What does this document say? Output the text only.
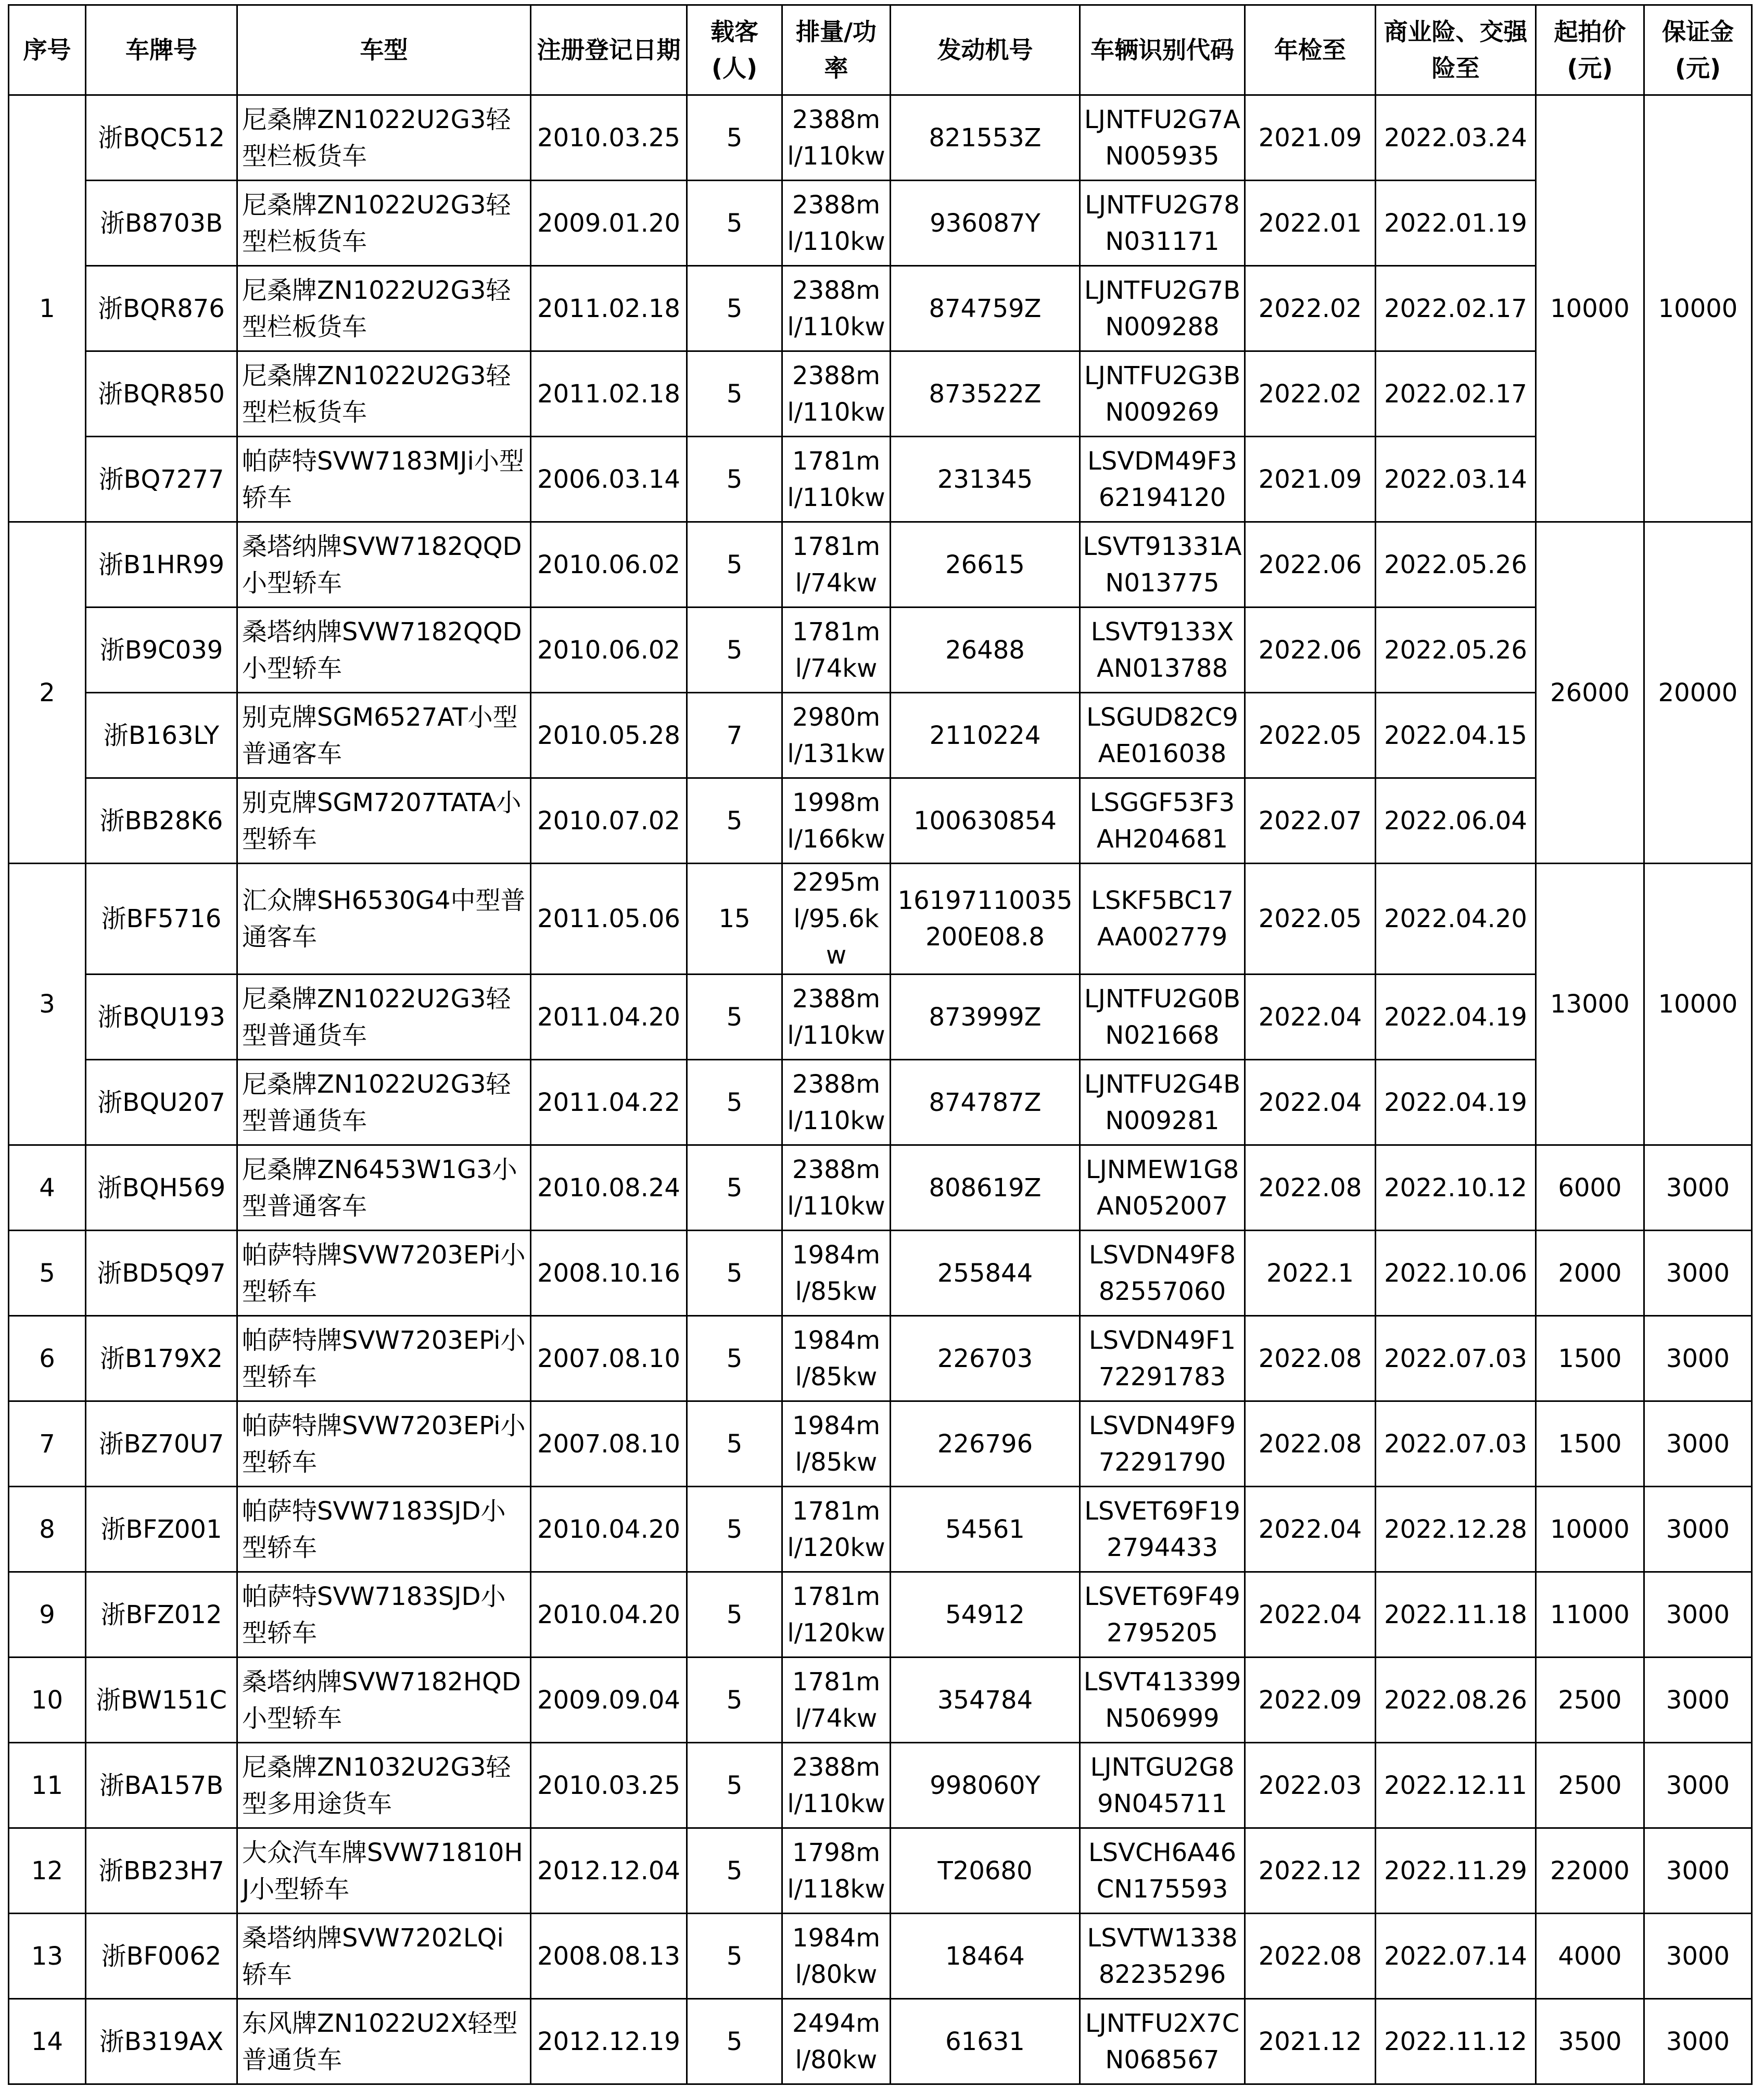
序号	车牌号	车型	注册登记日期	载客(人)	排量/功率	发动机号	车辆识别代码	年检至	商业险、交强险至	起拍价(元)	保证金(元)
1	浙BQC512	尼桑牌ZN1022U2G3轻型栏板货车	2010.03.25	5	2388ml/110kw	821553Z	LJNTFU2G7AN005935	2021.09	2022.03.24	10000	10000
	浙B8703B	尼桑牌ZN1022U2G3轻型栏板货车	2009.01.20	5	2388ml/110kw	936087Y	LJNTFU2G78N031171	2022.01	2022.01.19		
	浙BQR876	尼桑牌ZN1022U2G3轻型栏板货车	2011.02.18	5	2388ml/110kw	874759Z	LJNTFU2G7BN009288	2022.02	2022.02.17		
	浙BQR850	尼桑牌ZN1022U2G3轻型栏板货车	2011.02.18	5	2388ml/110kw	873522Z	LJNTFU2G3BN009269	2022.02	2022.02.17		
	浙BQ7277	帕萨特SVW7183MJi小型轿车	2006.03.14	5	1781ml/110kw	231345	LSVDM49F362194120	2021.09	2022.03.14		
2	浙B1HR99	桑塔纳牌SVW7182QQD小型轿车	2010.06.02	5	1781ml/74kw	26615	LSVT91331AN013775	2022.06	2022.05.26	26000	20000
	浙B9C039	桑塔纳牌SVW7182QQD小型轿车	2010.06.02	5	1781ml/74kw	26488	LSVT9133XAN013788	2022.06	2022.05.26		
	浙B163LY	别克牌SGM6527AT小型普通客车	2010.05.28	7	2980ml/131kw	2110224	LSGUD82C9AE016038	2022.05	2022.04.15		
	浙BB28K6	别克牌SGM7207TATA小型轿车	2010.07.02	5	1998ml/166kw	100630854	LSGGF53F3AH204681	2022.07	2022.06.04		
3	浙BF5716	汇众牌SH6530G4中型普通客车	2011.05.06	15	2295ml/95.6kw	16197110035200E08.8	LSKF5BC17AA002779	2022.05	2022.04.20	13000	10000
	浙BQU193	尼桑牌ZN1022U2G3轻型普通货车	2011.04.20	5	2388ml/110kw	873999Z	LJNTFU2G0BN021668	2022.04	2022.04.19		
	浙BQU207	尼桑牌ZN1022U2G3轻型普通货车	2011.04.22	5	2388ml/110kw	874787Z	LJNTFU2G4BN009281	2022.04	2022.04.19		
4	浙BQH569	尼桑牌ZN6453W1G3小型普通客车	2010.08.24	5	2388ml/110kw	808619Z	LJNMEW1G8AN052007	2022.08	2022.10.12	6000	3000
5	浙BD5Q97	帕萨特牌SVW7203EPi小型轿车	2008.10.16	5	1984ml/85kw	255844	LSVDN49F882557060	2022.1	2022.10.06	2000	3000
6	浙B179X2	帕萨特牌SVW7203EPi小型轿车	2007.08.10	5	1984ml/85kw	226703	LSVDN49F172291783	2022.08	2022.07.03	1500	3000
7	浙BZ70U7	帕萨特牌SVW7203EPi小型轿车	2007.08.10	5	1984ml/85kw	226796	LSVDN49F972291790	2022.08	2022.07.03	1500	3000
8	浙BFZ001	帕萨特SVW7183SJD小型轿车	2010.04.20	5	1781ml/120kw	54561	LSVET69F192794433	2022.04	2022.12.28	10000	3000
9	浙BFZ012	帕萨特SVW7183SJD小型轿车	2010.04.20	5	1781ml/120kw	54912	LSVET69F492795205	2022.04	2022.11.18	11000	3000
10	浙BW151C	桑塔纳牌SVW7182HQD小型轿车	2009.09.04	5	1781ml/74kw	354784	LSVT413399N506999	2022.09	2022.08.26	2500	3000
11	浙BA157B	尼桑牌ZN1032U2G3轻型多用途货车	2010.03.25	5	2388ml/110kw	998060Y	LJNTGU2G89N045711	2022.03	2022.12.11	2500	3000
12	浙BB23H7	大众汽车牌SVW71810HJ小型轿车	2012.12.04	5	1798ml/118kw	T20680	LSVCH6A46CN175593	2022.12	2022.11.29	22000	3000
13	浙BF0062	桑塔纳牌SVW7202LQi轿车	2008.08.13	5	1984ml/80kw	18464	LSVTW133882235296	2022.08	2022.07.14	4000	3000
14	浙B319AX	东风牌ZN1022U2X轻型普通货车	2012.12.19	5	2494ml/80kw	61631	LJNTFU2X7CN068567	2021.12	2022.11.12	3500	3000
